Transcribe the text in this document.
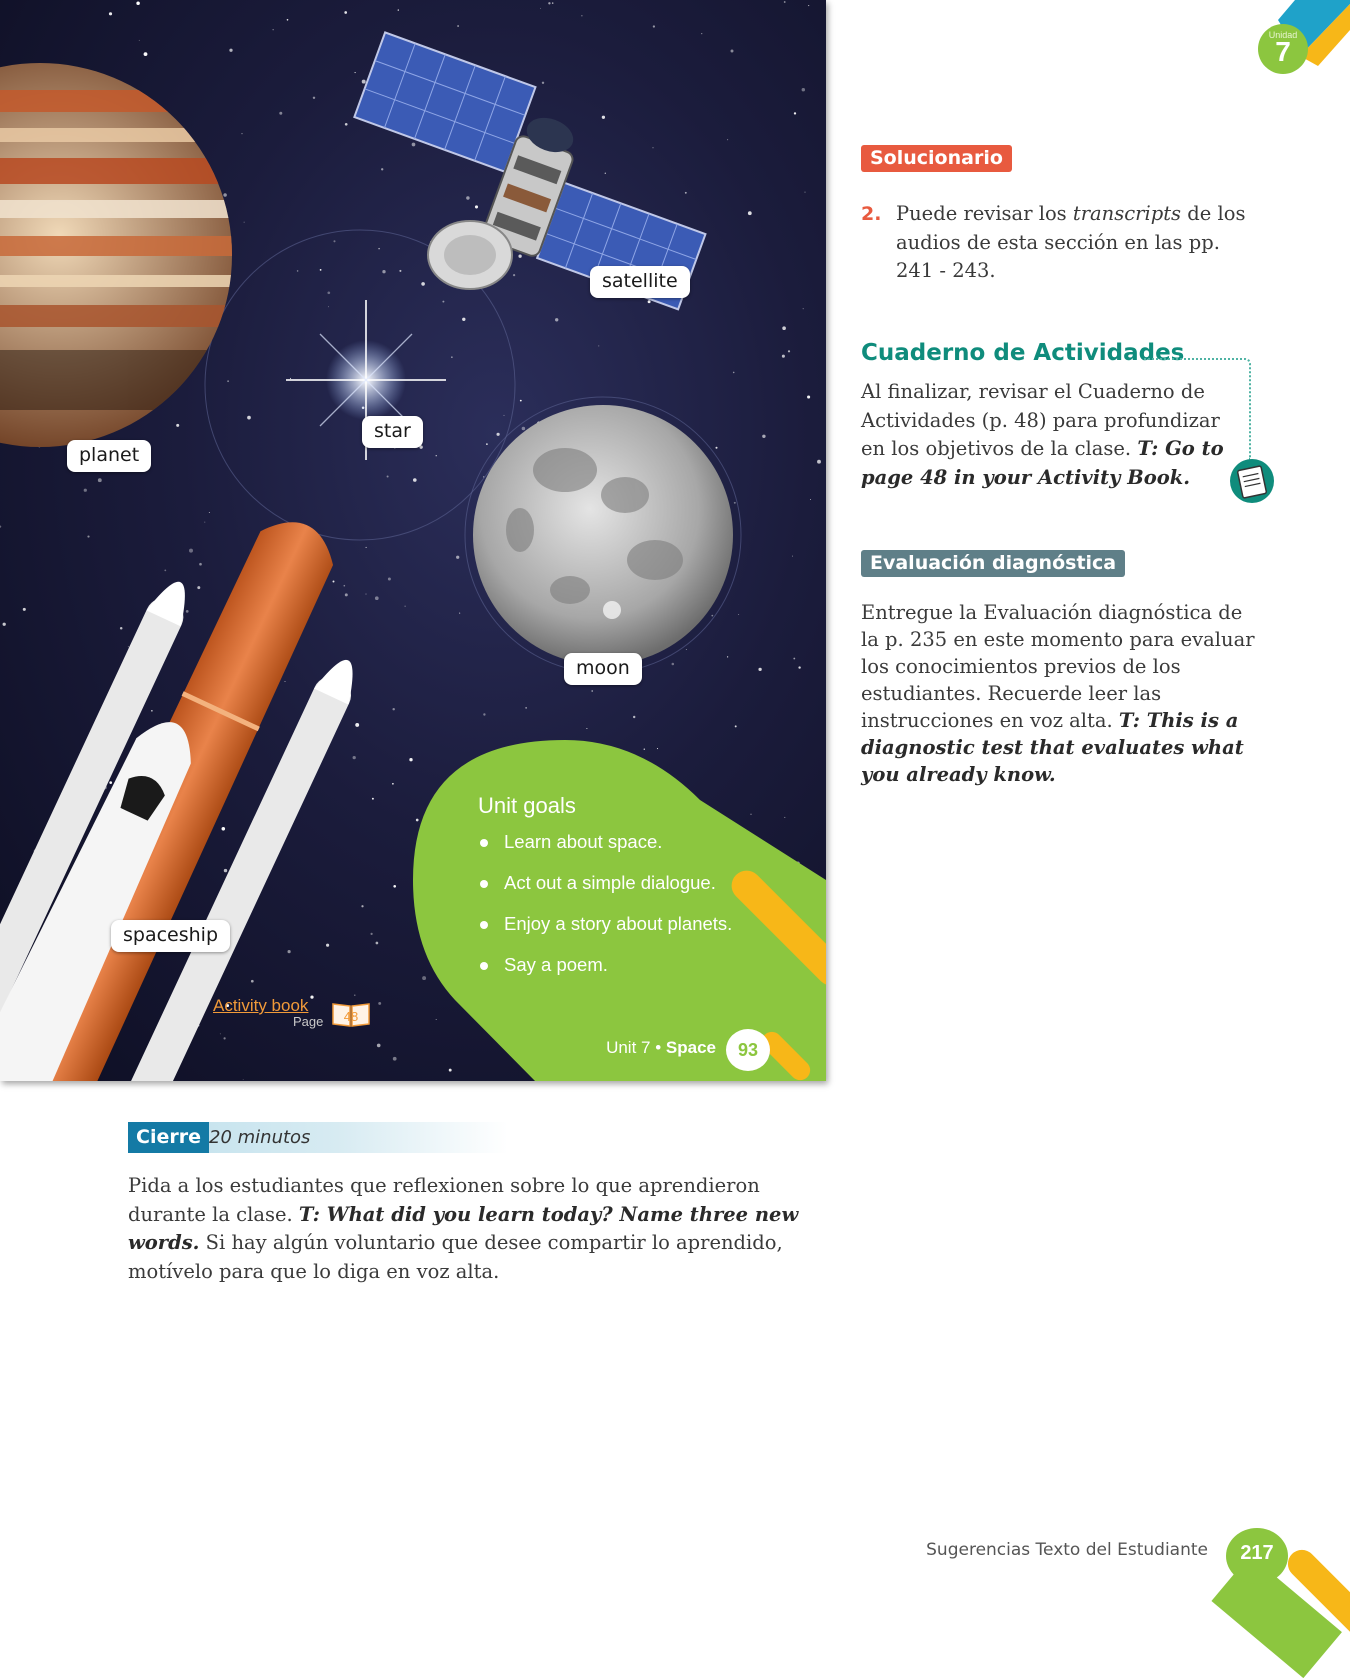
planet
satellite
star
moon
spaceship
Unit goals
Learn about space.
Act out a simple dialogue.
Enjoy a story about planets.
Say a poem.
Activity book
Page 48
Unit 7 • Space	93
Unidad
7
Solucionario
2. Puede revisar los transcripts de los audios de esta sección en las pp. 241 - 243.
Cuaderno de Actividades
Al finalizar, revisar el Cuaderno de Actividades (p. 48) para profundizar en los objetivos de la clase. T: Go to page 48 in your Activity Book.
Evaluación diagnóstica
Entregue la Evaluación diagnóstica de la p. 235 en este momento para evaluar los conocimientos previos de los estudiantes. Recuerde leer las instrucciones en voz alta. T: This is a diagnostic test that evaluates what you already know.
Cierre 20 minutos
Pida a los estudiantes que reflexionen sobre lo que aprendieron durante la clase. T: What did you learn today? Name three new words. Si hay algún voluntario que desee compartir lo aprendido, motívelo para que lo diga en voz alta.
Sugerencias Texto del Estudiante	217
